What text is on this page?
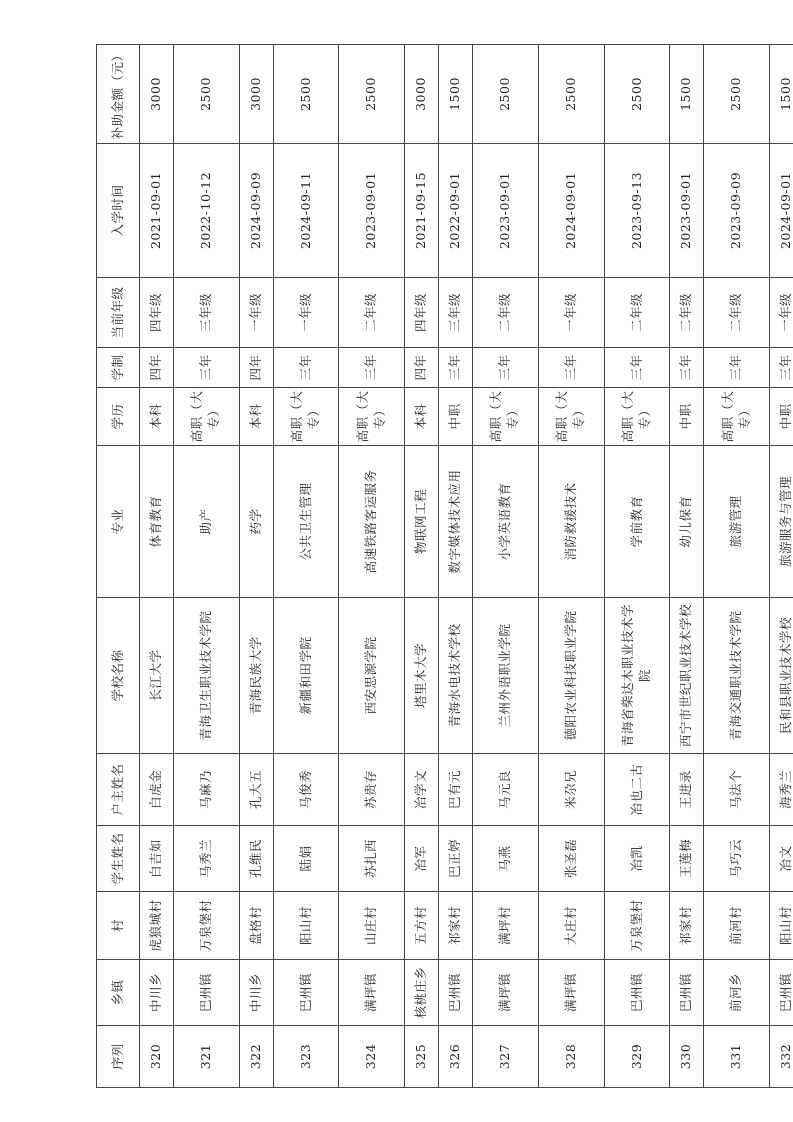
序列	乡镇	村	学生姓名	户主姓名	学校名称	专业	学历	学制	当前年级	入学时间	补助金额（元）
320	中川乡	虎狼城村	白吉如	白虎金	长江大学	体育教育	本科	四年	四年级	2021-09-01	3000
321	巴州镇	万泉堡村	马秀兰	马麻乃	青海卫生职业技术学院	助产	高职（大专）	三年	三年级	2022-10-12	2500
322	中川乡	盘格村	孔维民	孔大五	青海民族大学	药学	本科	四年	一年级	2024-09-09	3000
323	巴州镇	阳山村	陆娟	马俊秀	新疆和田学院	公共卫生管理	高职（大专）	三年	一年级	2024-09-11	2500
324	满坪镇	山庄村	苏扎西	苏贵存	西安思源学院	高速铁路客运服务	高职（大专）	三年	二年级	2023-09-01	2500
325	核桃庄乡	五方村	冶军	冶学文	塔里木大学	物联网工程	本科	四年	四年级	2021-09-15	3000
326	巴州镇	祁家村	巴正婷	巴有元	青海水电技术学校	数字媒体技术应用	中职	三年	三年级	2022-09-01	1500
327	满坪镇	满坪村	马燕	马元良	兰州外语职业学院	小学英语教育	高职（大专）	三年	二年级	2023-09-01	2500
328	满坪镇	大庄村	张圣磊	米尕兄	德阳农业科技职业学院	消防救援技术	高职（大专）	三年	一年级	2024-09-01	2500
329	巴州镇	万泉堡村	冶凯	冶也二古	青海省柴达木职业技术学院	学前教育	高职（大专）	三年	二年级	2023-09-13	2500
330	巴州镇	祁家村	王莲梅	王进录	西宁市世纪职业技术学校	幼儿保育	中职	三年	二年级	2023-09-01	1500
331	前河乡	前河村	马巧云	马法个	青海交通职业技术学院	旅游管理	高职（大专）	三年	二年级	2023-09-09	2500
332	巴州镇	阳山村	冶文	海秀兰	民和县职业技术学校	旅游服务与管理	中职	三年	一年级	2024-09-01	1500
